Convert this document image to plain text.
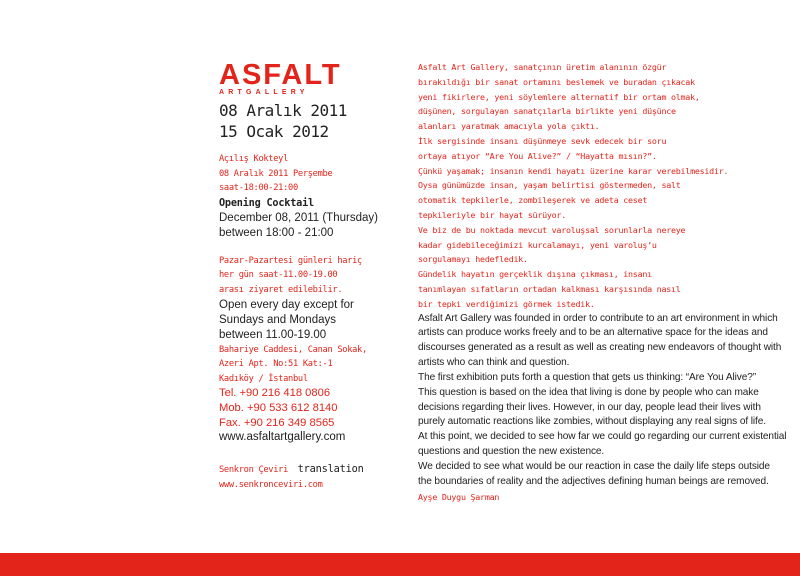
ASFALT
ARTGALLERY
08 Aralık 2011
15 Ocak 2012
Açılış Kokteyl
08 Aralık 2011 Perşembe
saat-18:00-21:00
Opening Cocktail
December 08, 2011 (Thursday)
between 18:00 - 21:00
Pazar-Pazartesi günleri hariç
her gün saat-11.00-19.00
arası ziyaret edilebilir.
Open every day except for
Sundays and Mondays
between 11.00-19.00
Bahariye Caddesi, Canan Sokak,
Azeri Apt. No:51 Kat:-1
Kadıköy / İstanbul
Tel. +90 216 418 0806
Mob. +90 533 612 8140
Fax. +90 216 349 8565
www.asfaltartgallery.com
Senkron Çeviri translation
www.senkronceviri.com
Asfalt Art Gallery, sanatçının üretim alanının özgür
bırakıldığı bir sanat ortamını beslemek ve buradan çıkacak
yeni fikirlere, yeni söylemlere alternatif bir ortam olmak,
düşünen, sorgulayan sanatçılarla birlikte yeni düşünce
alanları yaratmak amacıyla yola çıktı.
İlk sergisinde insanı düşünmeye sevk edecek bir soru
ortaya atıyor “Are You Alive?” / “Hayatta mısın?”.
Çünkü yaşamak; insanın kendi hayatı üzerine karar verebilmesidir.
Oysa günümüzde insan, yaşam belirtisi göstermeden, salt
otomatik tepkilerle, zombileşerek ve adeta ceset
tepkileriyle bir hayat sürüyor.
Ve biz de bu noktada mevcut varoluşsal sorunlarla nereye
kadar gidebileceğimizi kurcalamayı, yeni varoluş’u
sorgulamayı hedefledik.
Gündelik hayatın gerçeklik dışına çıkması, insanı
tanımlayan sıfatların ortadan kalkması karşısında nasıl
bir tepki verdiğimizi görmek istedik.
Asfalt Art Gallery was founded in order to contribute to an art environment in which
artists can produce works freely and to be an alternative space for the ideas and
discourses generated as a result as well as creating new endeavors of thought with
artists who can think and question.
The first exhibition puts forth a question that gets us thinking: “Are You Alive?”
This question is based on the idea that living is done by people who can make
decisions regarding their lives. However, in our day, people lead their lives with
purely automatic reactions like zombies, without displaying any real signs of life.
At this point, we decided to see how far we could go regarding our current existential
questions and question the new existence.
We decided to see what would be our reaction in case the daily life steps outside
the boundaries of reality and the adjectives defining human beings are removed.
Ayşe Duygu Şarman
